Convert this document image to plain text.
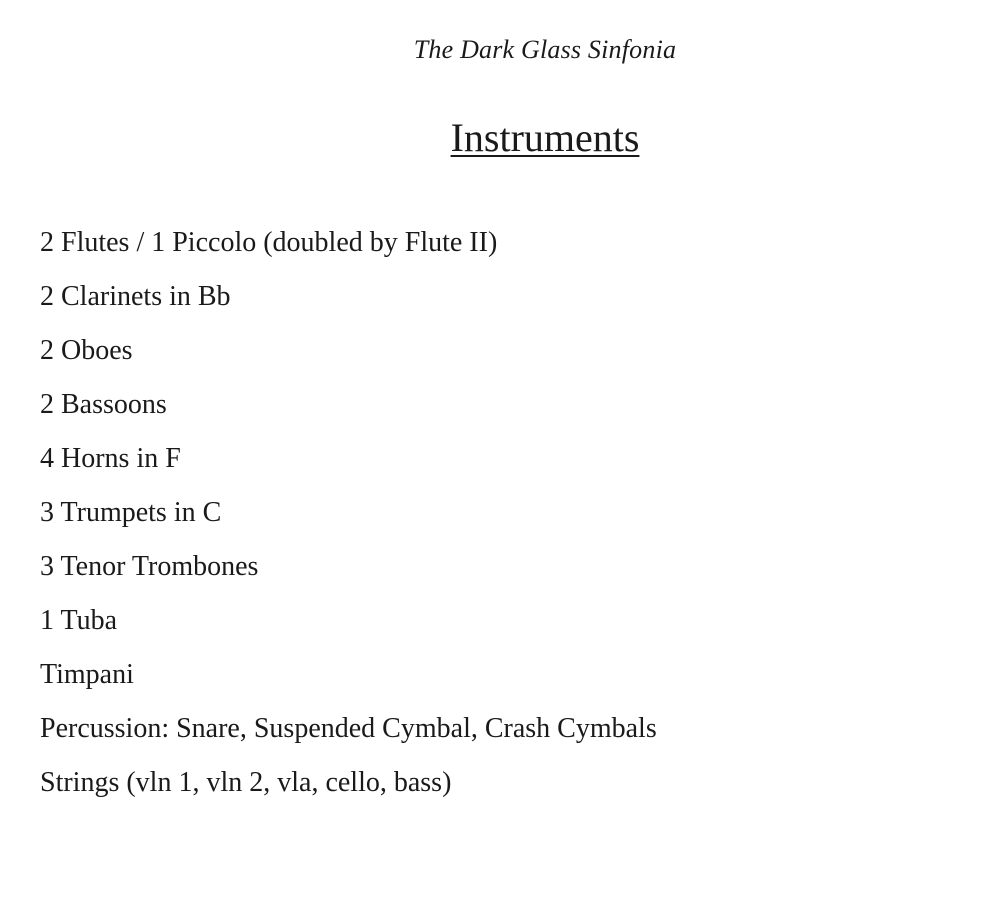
The Dark Glass Sinfonia
Instruments
2 Flutes / 1 Piccolo (doubled by Flute II)
2 Clarinets in Bb
2 Oboes
2 Bassoons
4 Horns in F
3 Trumpets in C
3 Tenor Trombones
1 Tuba
Timpani
Percussion: Snare, Suspended Cymbal, Crash Cymbals
Strings (vln 1, vln 2, vla, cello, bass)
